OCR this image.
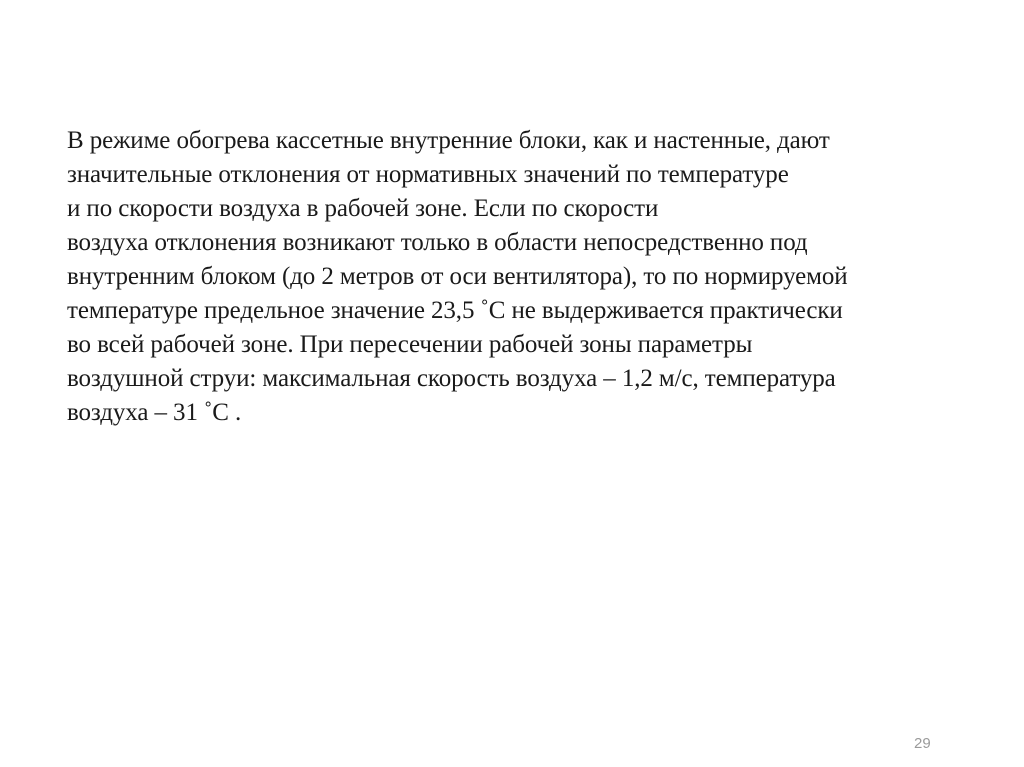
В режиме обогрева кассетные внутренние блоки, как и настенные, дают
значительные отклонения от нормативных значений по температуре
и по скорости воздуха в рабочей зоне. Если по скорости
воздуха отклонения возникают только в области непосредственно под
внутренним блоком (до 2 метров от оси вентилятора), то по нормируемой
температуре предельное значение 23,5 ˚С не выдерживается практически
во всей рабочей зоне. При пересечении рабочей зоны параметры
воздушной струи: максимальная скорость воздуха – 1,2 м/с, температура
воздуха – 31 ˚С .

29
